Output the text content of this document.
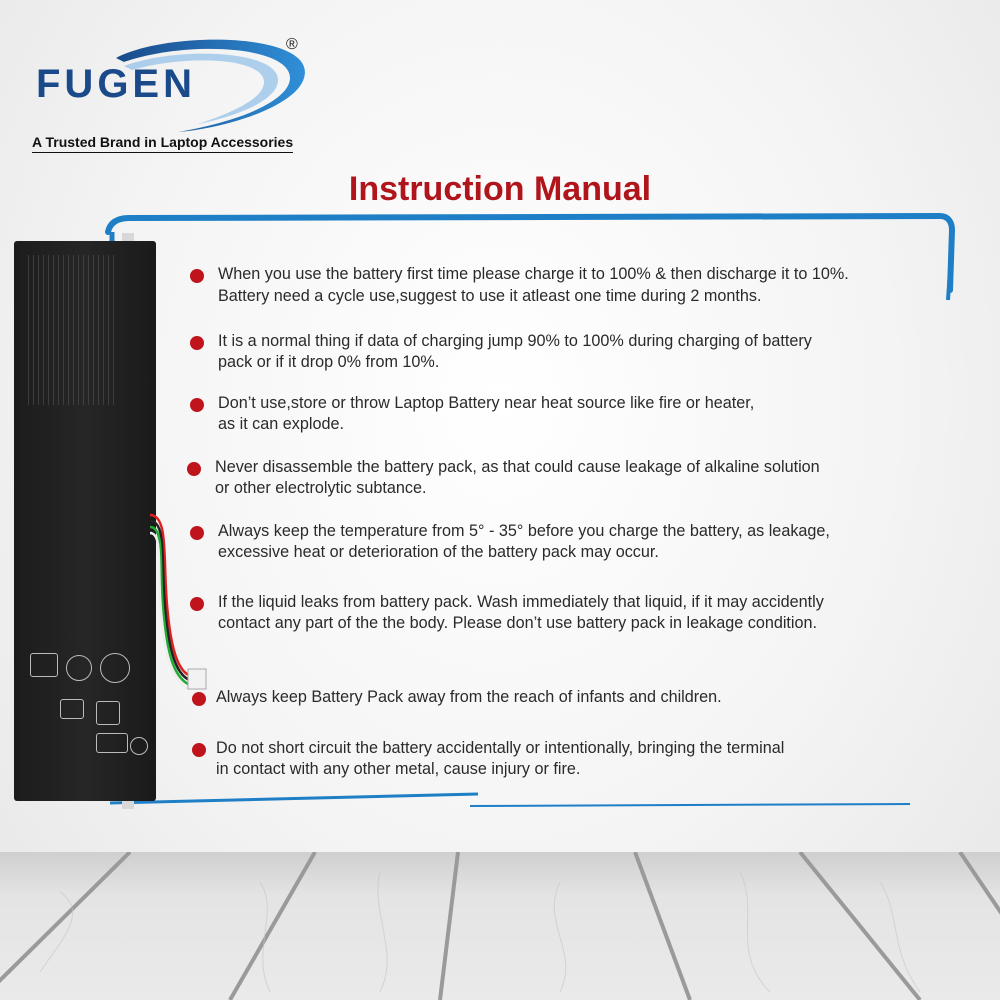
FUGEN
®
A Trusted Brand in Laptop Accessories
Instruction Manual
When you use the battery first time please charge it to 100% & then discharge it to 10%.
Battery need a cycle use,suggest to use it atleast one time during 2 months.
It is a normal thing if data of charging jump 90% to 100% during charging of battery
pack or if it drop 0% from 10%.
Don’t use,store or throw Laptop Battery near heat source like fire or heater,
as it can explode.
Never disassemble the battery pack, as that could cause leakage of alkaline solution
or other electrolytic subtance.
Always keep the temperature from 5° - 35° before you charge the battery, as leakage,
excessive heat or deterioration of the battery pack may occur.
If the liquid leaks from battery pack. Wash immediately that liquid, if it may accidently
contact any part of the the body. Please don’t use battery pack in leakage condition.
Always keep Battery Pack away from the reach of infants and children.
Do not short circuit the battery accidentally or intentionally, bringing the terminal
in contact with any other metal, cause injury or fire.
